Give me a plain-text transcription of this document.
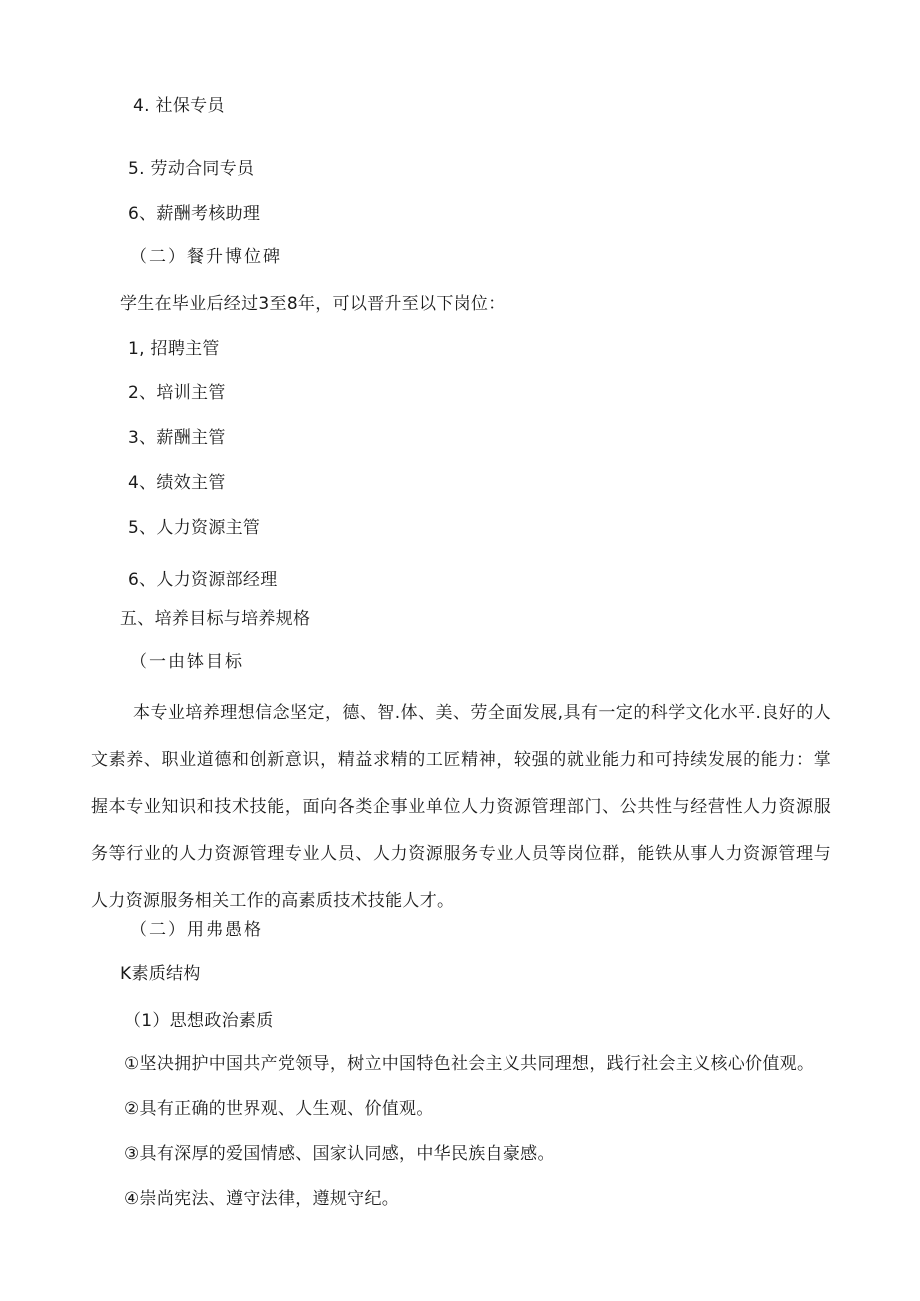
4. 社保专员
5. 劳动合同专员
6、薪酬考核助理
（二）餐升博位碑
学生在毕业后经过3至8年，可以晋升至以下岗位：
1, 招聘主管
2、培训主管
3、薪酬主管
4、绩效主管
5、人力资源主管
6、人力资源部经理
五、培养目标与培养规格
（一由钵目标
本专业培养理想信念坚定，德、智.体、美、劳全面发展,具有一定的科学文化水平.良好的人文素养、职业道德和创新意识，精益求精的工匠精神，较强的就业能力和可持续发展的能力：掌握本专业知识和技术技能，面向各类企事业单位人力资源管理部门、公共性与经营性人力资源服务等行业的人力资源管理专业人员、人力资源服务专业人员等岗位群，能铁从事人力资源管理与人力资源服务相关工作的高素质技术技能人才。
（二）用弗愚格
K素质结构
（1）思想政治素质
①坚决拥护中国共产党领导，树立中国特色社会主义共同理想，践行社会主义核心价值观。
②具有正确的世界观、人生观、价值观。
③具有深厚的爱国情感、国家认同感，中华民族自豪感。
④崇尚宪法、遵守法律，遵规守纪。
